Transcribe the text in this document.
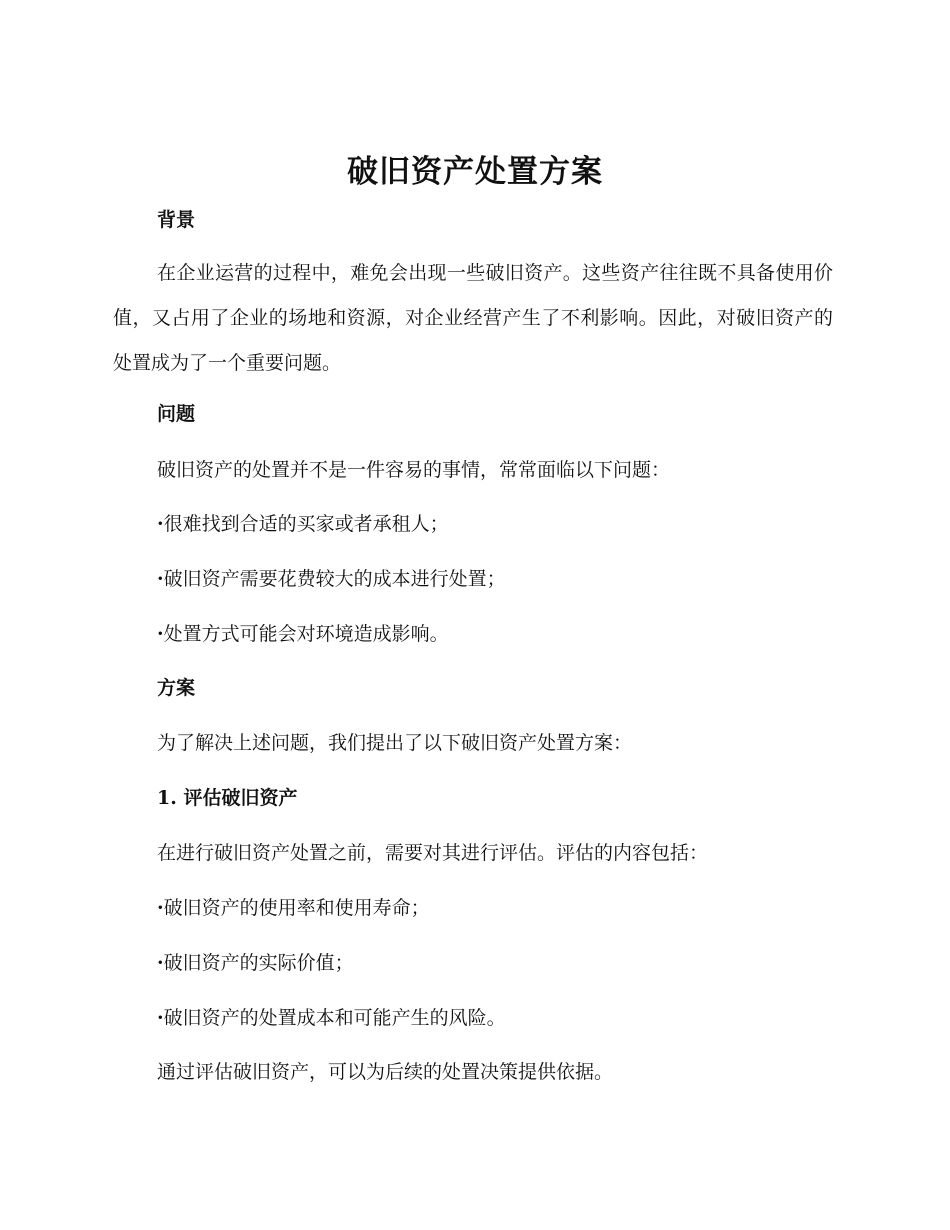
破旧资产处置方案
背景

在企业运营的过程中，难免会出现一些破旧资产。这些资产往往既不具备使用价值，又占用了企业的场地和资源，对企业经营产生了不利影响。因此，对破旧资产的处置成为了一个重要问题。

问题

破旧资产的处置并不是一件容易的事情，常常面临以下问题：

·很难找到合适的买家或者承租人；

·破旧资产需要花费较大的成本进行处置；

·处置方式可能会对环境造成影响。

方案

为了解决上述问题，我们提出了以下破旧资产处置方案：

1. 评估破旧资产

在进行破旧资产处置之前，需要对其进行评估。评估的内容包括：

·破旧资产的使用率和使用寿命；

·破旧资产的实际价值；

·破旧资产的处置成本和可能产生的风险。

通过评估破旧资产，可以为后续的处置决策提供依据。
